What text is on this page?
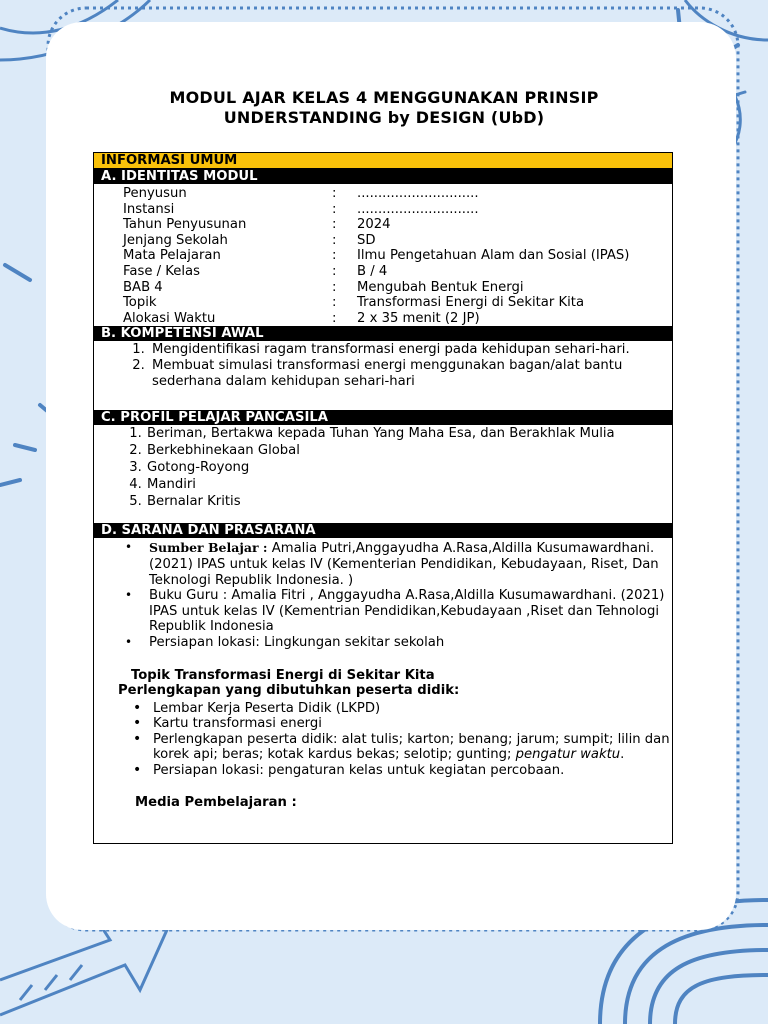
MODUL AJAR KELAS 4 MENGGUNAKAN PRINSIP
UNDERSTANDING by DESIGN (UbD)
INFORMASI UMUM
A. IDENTITAS MODUL
Penyusun	:	.............................
Instansi	:	.............................
Tahun Penyusunan	:	2024
Jenjang Sekolah	:	SD
Mata Pelajaran	:	Ilmu Pengetahuan Alam dan Sosial (IPAS)
Fase / Kelas	:	B / 4
BAB 4	:	Mengubah Bentuk Energi
Topik	:	Transformasi Energi di Sekitar Kita
Alokasi Waktu	:	2 x 35 menit (2 JP)
B. KOMPETENSI AWAL
1. Mengidentifikasi ragam transformasi energi pada kehidupan sehari-hari.
2. Membuat simulasi transformasi energi menggunakan bagan/alat bantu sederhana dalam kehidupan sehari-hari
C. PROFIL PELAJAR PANCASILA
1. Beriman, Bertakwa kepada Tuhan Yang Maha Esa, dan Berakhlak Mulia
2. Berkebhinekaan Global
3. Gotong-Royong
4. Mandiri
5. Bernalar Kritis
D. SARANA DAN PRASARANA
• Sumber Belajar : Amalia Putri,Anggayudha A.Rasa,Aldilla Kusumawardhani. (2021) IPAS untuk kelas IV (Kementerian Pendidikan, Kebudayaan, Riset, Dan Teknologi Republik Indonesia. )
• Buku Guru : Amalia Fitri , Anggayudha A.Rasa,Aldilla Kusumawardhani. (2021) IPAS untuk kelas IV (Kementrian Pendidikan,Kebudayaan ,Riset dan Tehnologi Republik Indonesia
• Persiapan lokasi: Lingkungan sekitar sekolah
Topik Transformasi Energi di Sekitar Kita
Perlengkapan yang dibutuhkan peserta didik:
• Lembar Kerja Peserta Didik (LKPD)
• Kartu transformasi energi
• Perlengkapan peserta didik: alat tulis; karton; benang; jarum; sumpit; lilin dan korek api; beras; kotak kardus bekas; selotip; gunting; pengatur waktu.
• Persiapan lokasi: pengaturan kelas untuk kegiatan percobaan.
Media Pembelajaran :
